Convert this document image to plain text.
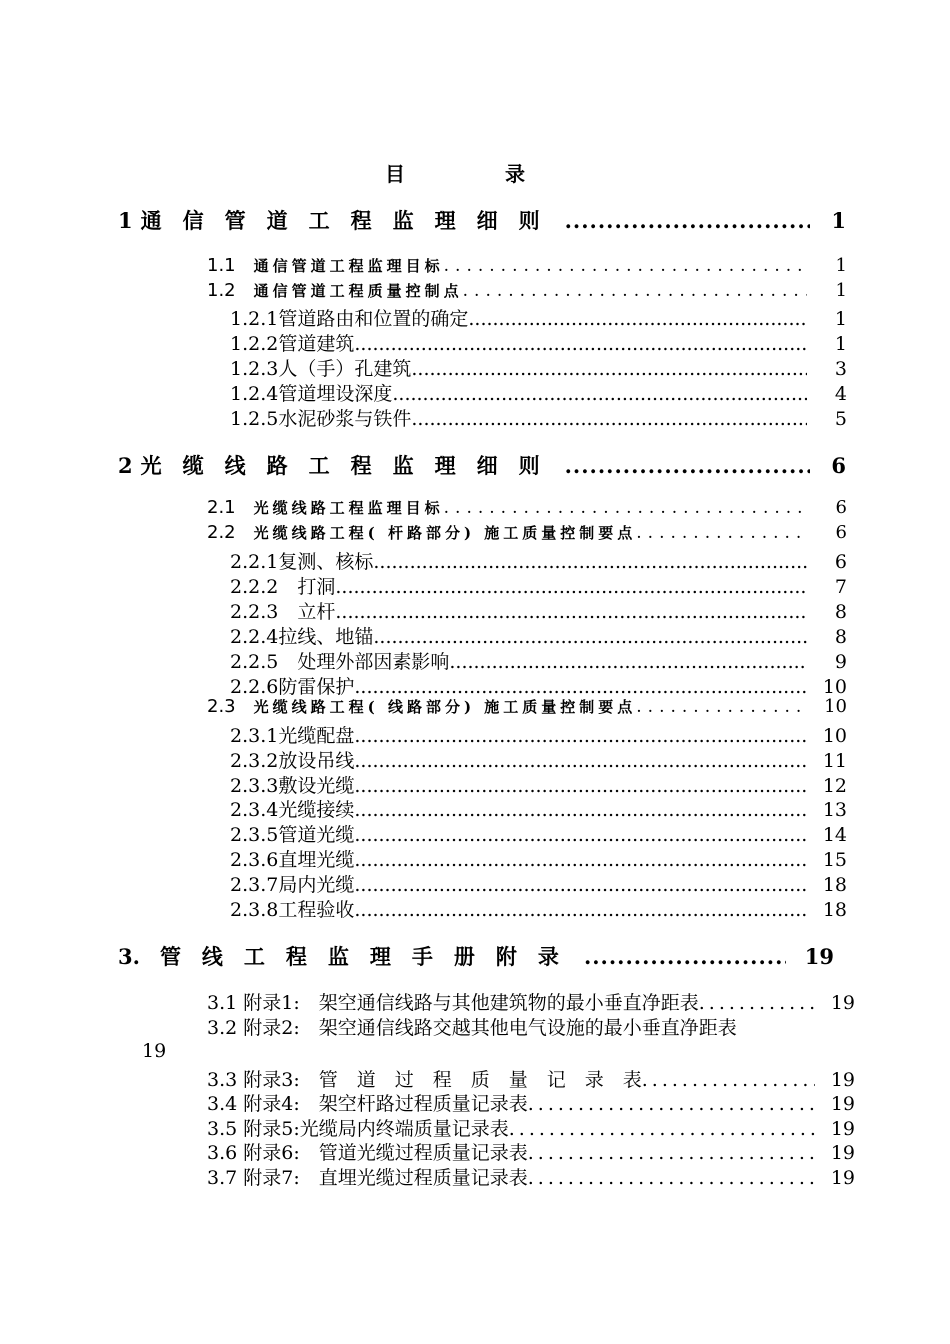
目　录
1 通信管道工程监理细则 .....	1
1.1 通信管道工程监理目标 .....	1
1.2 通信管道工程质量控制点 .....	1
1.2.1管道路由和位置的确定 .....	1
1.2.2管道建筑 .....	1
1.2.3人（手）孔建筑 .....	3
1.2.4管道埋设深度 .....	4
1.2.5水泥砂浆与铁件 .....	5
2 光缆线路工程监理细则 .....	6
2.1 光缆线路工程监理目标 .....	6
2.2 光缆线路工程( 杆路部分) 施工质量控制要点 .....	6
2.2.1复测、核标 .....	6
2.2.2　打洞 .....	7
2.2.3　立杆 .....	8
2.2.4拉线、地锚 .....	8
2.2.5　处理外部因素影响 .....	9
2.2.6防雷保护 .....	10
2.3 光缆线路工程( 线路部分) 施工质量控制要点 .....	10
2.3.1光缆配盘 .....	10
2.3.2放设吊线 .....	11
2.3.3敷设光缆 .....	12
2.3.4光缆接续 .....	13
2.3.5管道光缆 .....	14
2.3.6直埋光缆 .....	15
2.3.7局内光缆 .....	18
2.3.8工程验收 .....	18
3. 管线工程监理手册附录 .....	19
3.1 附录1:　架空通信线路与其他建筑物的最小垂直净距表 .....	19
3.2 附录2:　架空通信线路交越其他电气设施的最小垂直净距表
19
3.3 附录3:　管　道　过　程　质　量　记　录　表 .....	19
3.4 附录4:　架空杆路过程质量记录表 .....	19
3.5 附录5:光缆局内终端质量记录表 .....	19
3.6 附录6:　管道光缆过程质量记录表 .....	19
3.7 附录7:　直埋光缆过程质量记录表 .....	19
